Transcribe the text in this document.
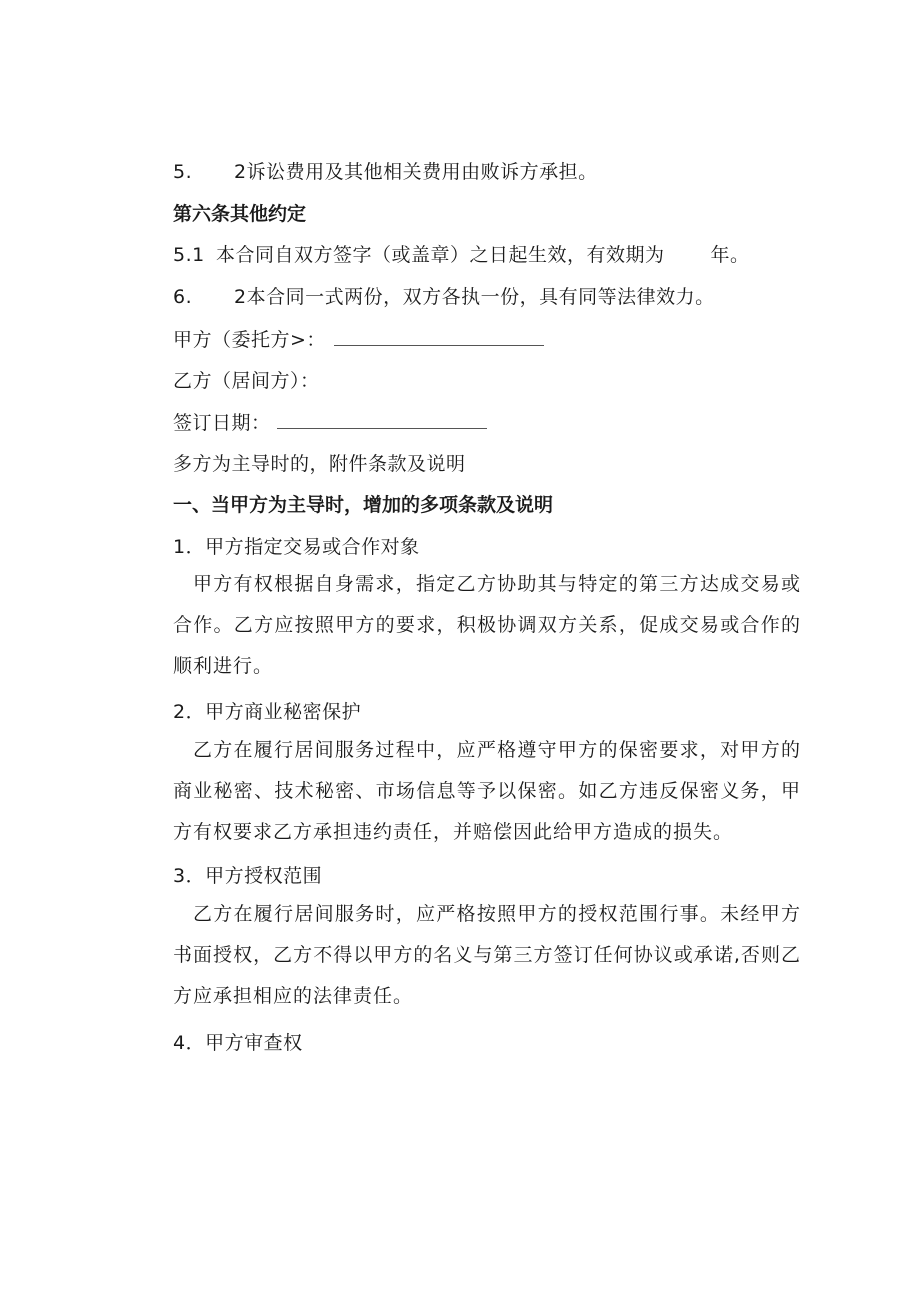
5. 2诉讼费用及其他相关费用由败诉方承担。
第六条其他约定
5.1 本合同自双方签字（或盖章）之日起生效，有效期为 年。
6. 2本合同一式两份，双方各执一份，具有同等法律效力。
甲方（委托方>：
乙方（居间方）：
签订日期：
多方为主导时的，附件条款及说明
一、当甲方为主导时，增加的多项条款及说明
1．甲方指定交易或合作对象
甲方有权根据自身需求，指定乙方协助其与特定的第三方达成交易或合作。乙方应按照甲方的要求，积极协调双方关系，促成交易或合作的顺利进行。
2．甲方商业秘密保护
乙方在履行居间服务过程中，应严格遵守甲方的保密要求，对甲方的商业秘密、技术秘密、市场信息等予以保密。如乙方违反保密义务，甲方有权要求乙方承担违约责任，并赔偿因此给甲方造成的损失。
3．甲方授权范围
乙方在履行居间服务时，应严格按照甲方的授权范围行事。未经甲方书面授权，乙方不得以甲方的名义与第三方签订任何协议或承诺,否则乙方应承担相应的法律责任。
4．甲方审查权
